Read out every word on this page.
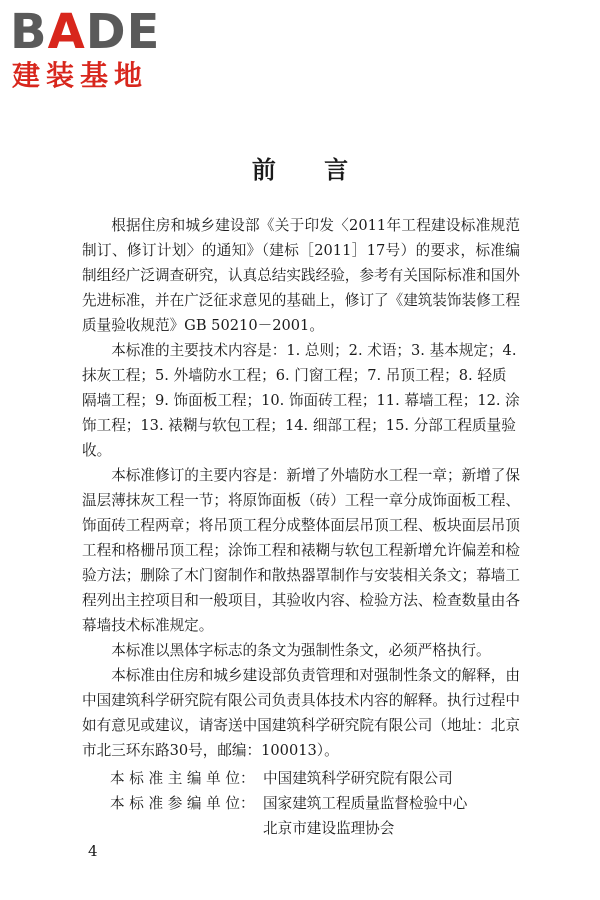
BADE
建装基地
前 言

根据住房和城乡建设部《关于印发〈2011年工程建设标准规范制订、修订计划〉的通知》（建标［2011］17号）的要求，标准编制组经广泛调查研究，认真总结实践经验，参考有关国际标准和国外先进标准，并在广泛征求意见的基础上，修订了《建筑装饰装修工程质量验收规范》GB 50210－2001。

本标准的主要技术内容是：1. 总则；2. 术语；3. 基本规定；4. 抹灰工程；5. 外墙防水工程；6. 门窗工程；7. 吊顶工程；8. 轻质隔墙工程；9. 饰面板工程；10. 饰面砖工程；11. 幕墙工程；12. 涂饰工程；13. 裱糊与软包工程；14. 细部工程；15. 分部工程质量验收。

本标准修订的主要内容是：新增了外墙防水工程一章；新增了保温层薄抹灰工程一节；将原饰面板（砖）工程一章分成饰面板工程、饰面砖工程两章；将吊顶工程分成整体面层吊顶工程、板块面层吊顶工程和格栅吊顶工程；涂饰工程和裱糊与软包工程新增允许偏差和检验方法；删除了木门窗制作和散热器罩制作与安装相关条文；幕墙工程列出主控项目和一般项目，其验收内容、检验方法、检查数量由各幕墙技术标准规定。

本标准以黑体字标志的条文为强制性条文，必须严格执行。

本标准由住房和城乡建设部负责管理和对强制性条文的解释，由中国建筑科学研究院有限公司负责具体技术内容的解释。执行过程中如有意见或建议，请寄送中国建筑科学研究院有限公司（地址：北京市北三环东路30号，邮编：100013）。

本 标 准 主 编 单 位： 中国建筑科学研究院有限公司
本 标 准 参 编 单 位： 国家建筑工程质量监督检验中心
北京市建设监理协会
4
